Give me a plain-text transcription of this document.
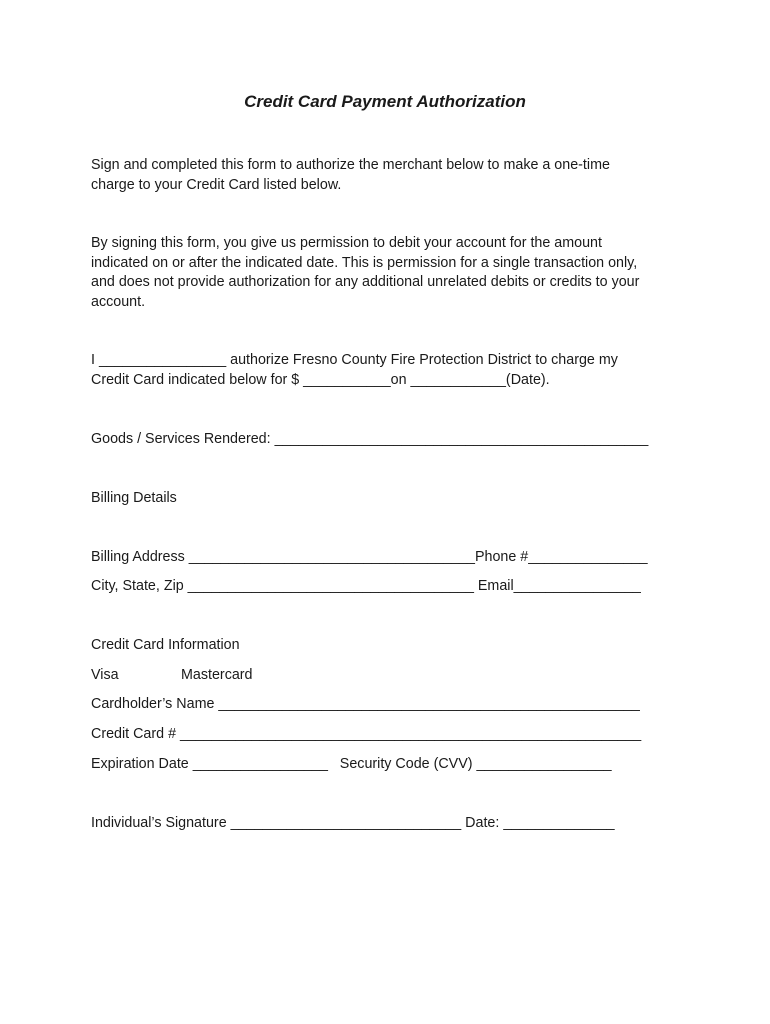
Credit Card Payment Authorization
Sign and completed this form to authorize the merchant below to make a one-time
charge to your Credit Card listed below.
By signing this form, you give us permission to debit your account for the amount
indicated on or after the indicated date. This is permission for a single transaction only,
and does not provide authorization for any additional unrelated debits or credits to your
account.
I ________________ authorize Fresno County Fire Protection District to charge my
Credit Card indicated below for $ ___________on ____________(Date).
Goods / Services Rendered: _______________________________________________
Billing Details
Billing Address ____________________________________Phone #_______________
City, State, Zip ____________________________________ Email________________
Credit Card Information
Visa	Mastercard
Cardholder’s Name _____________________________________________________
Credit Card # __________________________________________________________
Expiration Date _________________   Security Code (CVV) _________________
Individual’s Signature _____________________________ Date: ______________
